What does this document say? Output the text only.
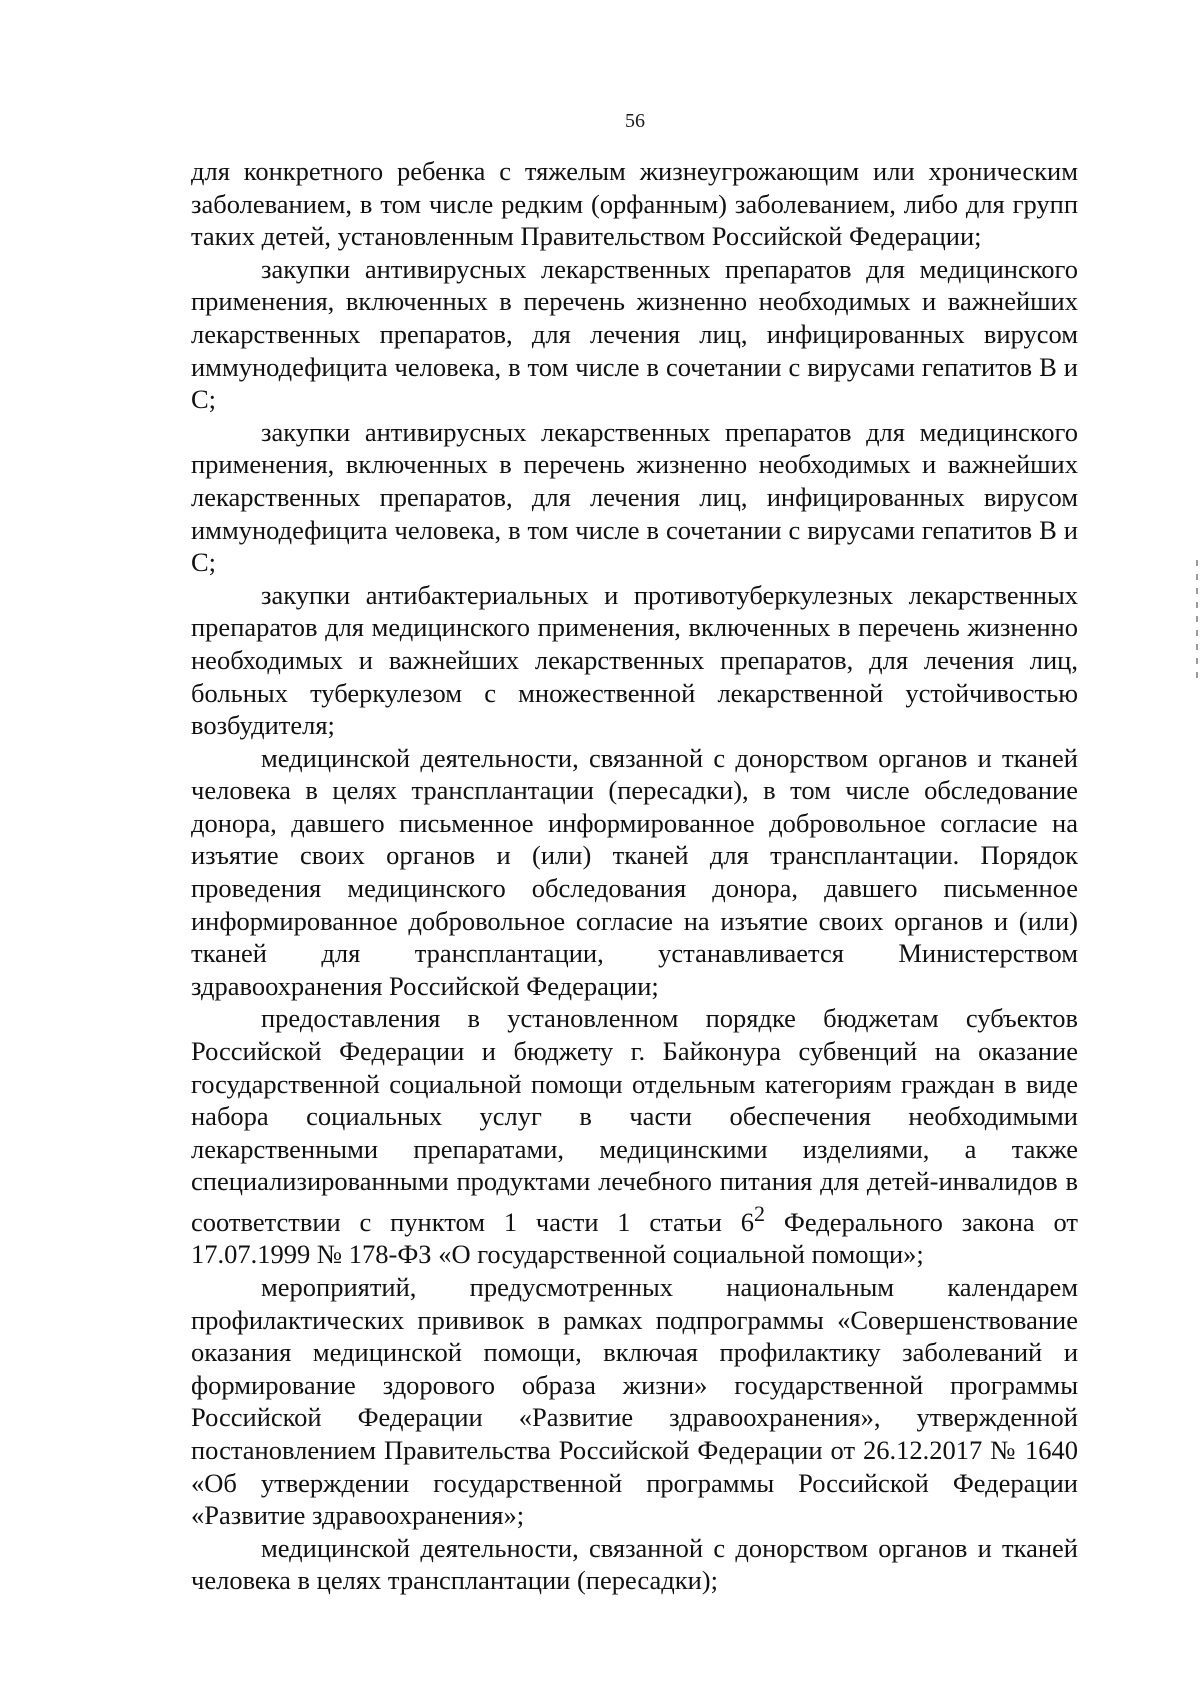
56

для конкретного ребенка с тяжелым жизнеугрожающим или хроническим заболеванием, в том числе редким (орфанным) заболеванием, либо для групп таких детей, установленным Правительством Российской Федерации;

закупки антивирусных лекарственных препаратов для медицинского применения, включенных в перечень жизненно необходимых и важнейших лекарственных препаратов, для лечения лиц, инфицированных вирусом иммунодефицита человека, в том числе в сочетании с вирусами гепатитов В и С;

закупки антивирусных лекарственных препаратов для медицинского применения, включенных в перечень жизненно необходимых и важнейших лекарственных препаратов, для лечения лиц, инфицированных вирусом иммунодефицита человека, в том числе в сочетании с вирусами гепатитов В и С;

закупки антибактериальных и противотуберкулезных лекарственных препаратов для медицинского применения, включенных в перечень жизненно необходимых и важнейших лекарственных препаратов, для лечения лиц, больных туберкулезом с множественной лекарственной устойчивостью возбудителя;

медицинской деятельности, связанной с донорством органов и тканей человека в целях трансплантации (пересадки), в том числе обследование донора, давшего письменное информированное добровольное согласие на изъятие своих органов и (или) тканей для трансплантации. Порядок проведения медицинского обследования донора, давшего письменное информированное добровольное согласие на изъятие своих органов и (или) тканей для трансплантации, устанавливается Министерством здравоохранения Российской Федерации;

предоставления в установленном порядке бюджетам субъектов Российской Федерации и бюджету г. Байконура субвенций на оказание государственной социальной помощи отдельным категориям граждан в виде набора социальных услуг в части обеспечения необходимыми лекарственными препаратами, медицинскими изделиями, а также специализированными продуктами лечебного питания для детей-инвалидов в соответствии с пунктом 1 части 1 статьи $6^2$ Федерального закона от 17.07.1999 № 178-ФЗ «О государственной социальной помощи»;

мероприятий, предусмотренных национальным календарем профилактических прививок в рамках подпрограммы «Совершенствование оказания медицинской помощи, включая профилактику заболеваний и формирование здорового образа жизни» государственной программы Российской Федерации «Развитие здравоохранения», утвержденной постановлением Правительства Российской Федерации от 26.12.2017 № 1640 «Об утверждении государственной программы Российской Федерации «Развитие здравоохранения»;

медицинской деятельности, связанной с донорством органов и тканей человека в целях трансплантации (пересадки);
